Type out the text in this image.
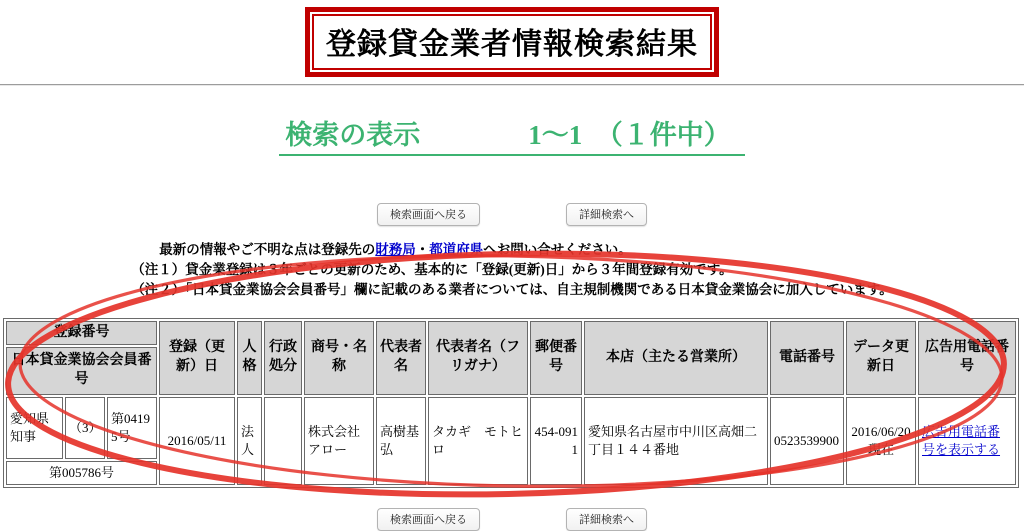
登録貸金業者情報検索結果
検索の表示　　　　1～1　（１件中）
検索画面へ戻る	詳細検索へ
最新の情報やご不明な点は登録先の財務局・都道府県へお問い合せください。
（注１）貸金業登録は３年ごとの更新のため、基本的に「登録(更新)日」から３年間登録有効です。
（注２）「日本貸金業協会会員番号」欄に記載のある業者については、自主規制機関である日本貸金業協会に加入しています。
登録番号			登録（更新）日	人格	行政処分	商号・名称	代表者名	代表者名（フリガナ）	郵便番号	本店（主たる営業所）	電話番号	データ更新日	広告用電話番号
日本貸金業協会会員番号													
愛知県知事	（3）	第04195号	2016/05/11	法人		株式会社アロー	高樹基弘	タカギ　モトヒロ	454-0911	愛知県名古屋市中川区高畑二丁目１４４番地	0523539900	2016/06/20 現在	広告用電話番号を表示する
第005786号													
検索画面へ戻る	詳細検索へ
